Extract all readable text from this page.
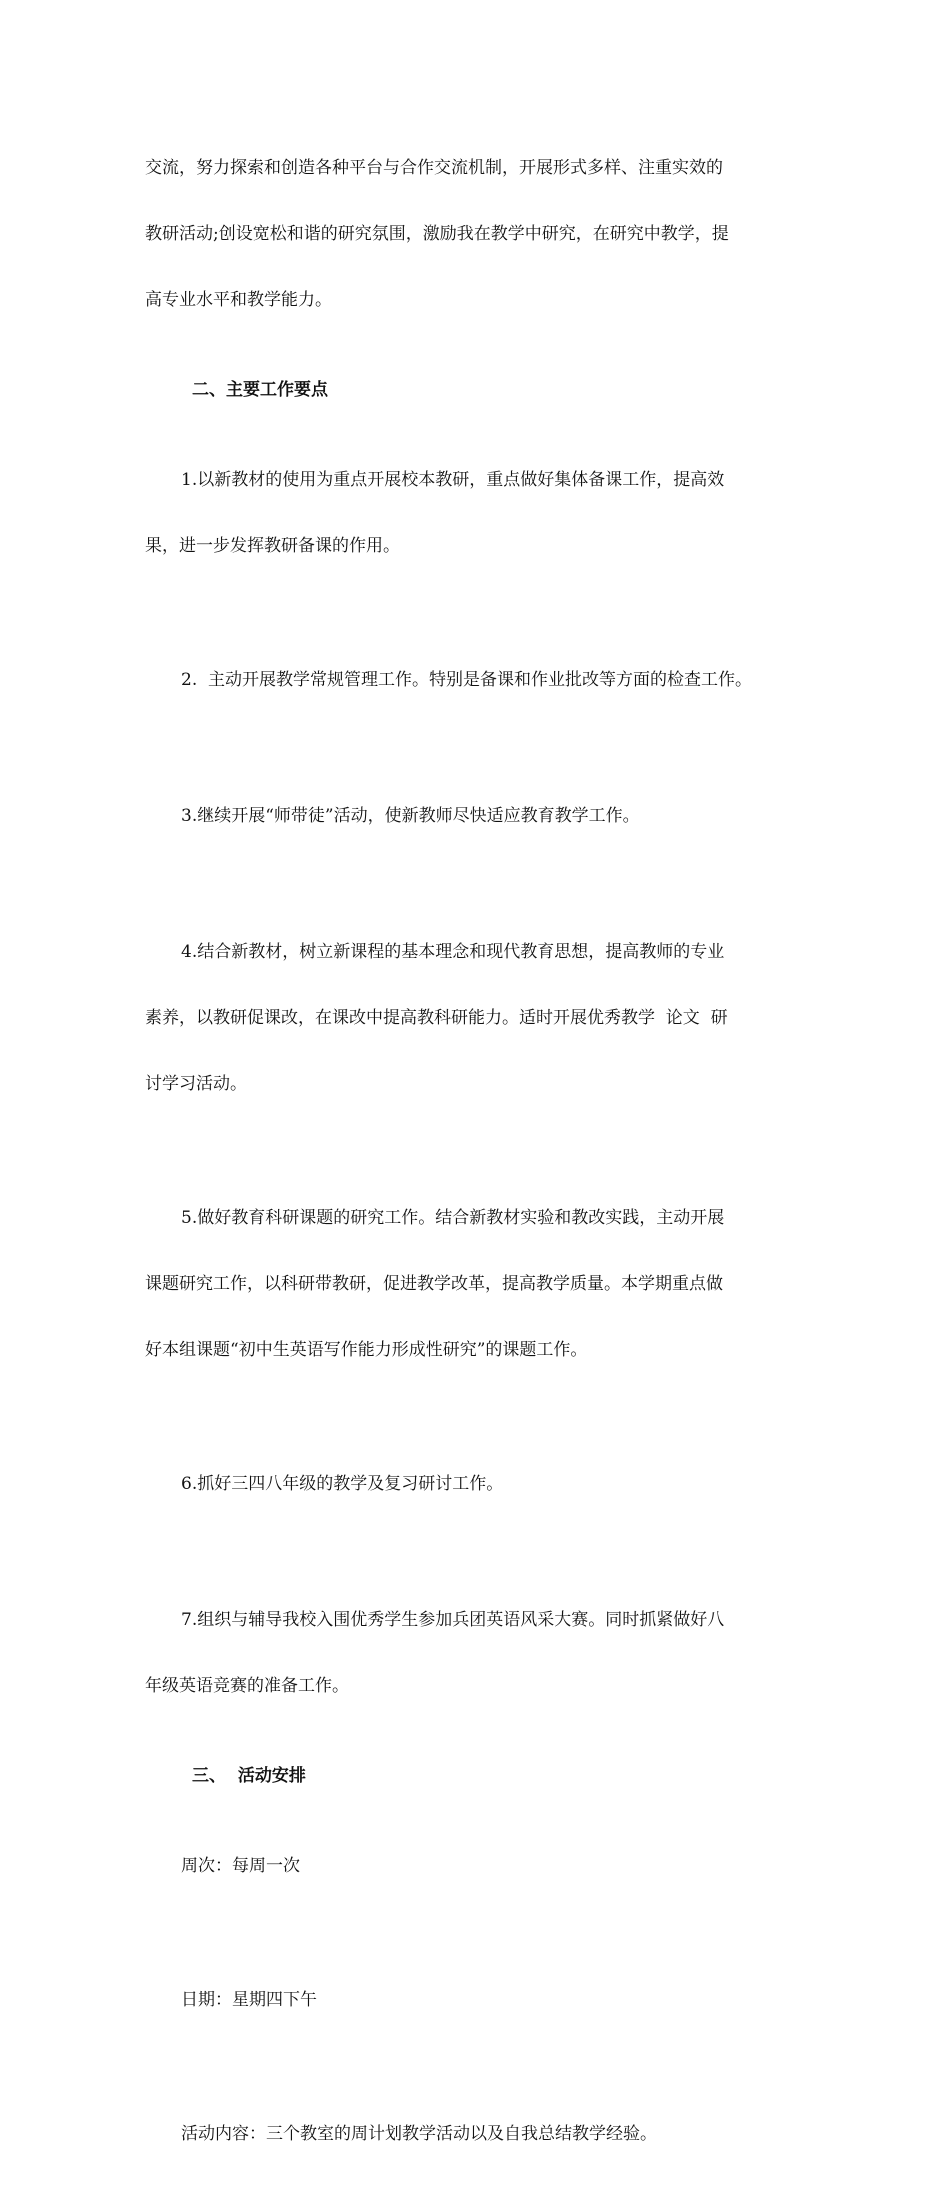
交流，努力探索和创造各种平台与合作交流机制，开展形式多样、注重实效的

教研活动;创设宽松和谐的研究氛围，激励我在教学中研究，在研究中教学，提

高专业水平和教学能力。

二、主要工作要点

1.以新教材的使用为重点开展校本教研，重点做好集体备课工作，提高效

果，进一步发挥教研备课的作用。

2.  主动开展教学常规管理工作。特别是备课和作业批改等方面的检查工作。

3.继续开展“师带徒”活动，使新教师尽快适应教育教学工作。

4.结合新教材，树立新课程的基本理念和现代教育思想，提高教师的专业

素养，以教研促课改，在课改中提高教科研能力。适时开展优秀教学  论文  研

讨学习活动。

5.做好教育科研课题的研究工作。结合新教材实验和教改实践，主动开展

课题研究工作，以科研带教研，促进教学改革，提高教学质量。本学期重点做

好本组课题“初中生英语写作能力形成性研究”的课题工作。

6.抓好三四八年级的教学及复习研讨工作。

7.组织与辅导我校入围优秀学生参加兵团英语风采大赛。同时抓紧做好八

年级英语竞赛的准备工作。

三、  活动安排

周次：每周一次

日期：星期四下午

活动内容：三个教室的周计划教学活动以及自我总结教学经验。
